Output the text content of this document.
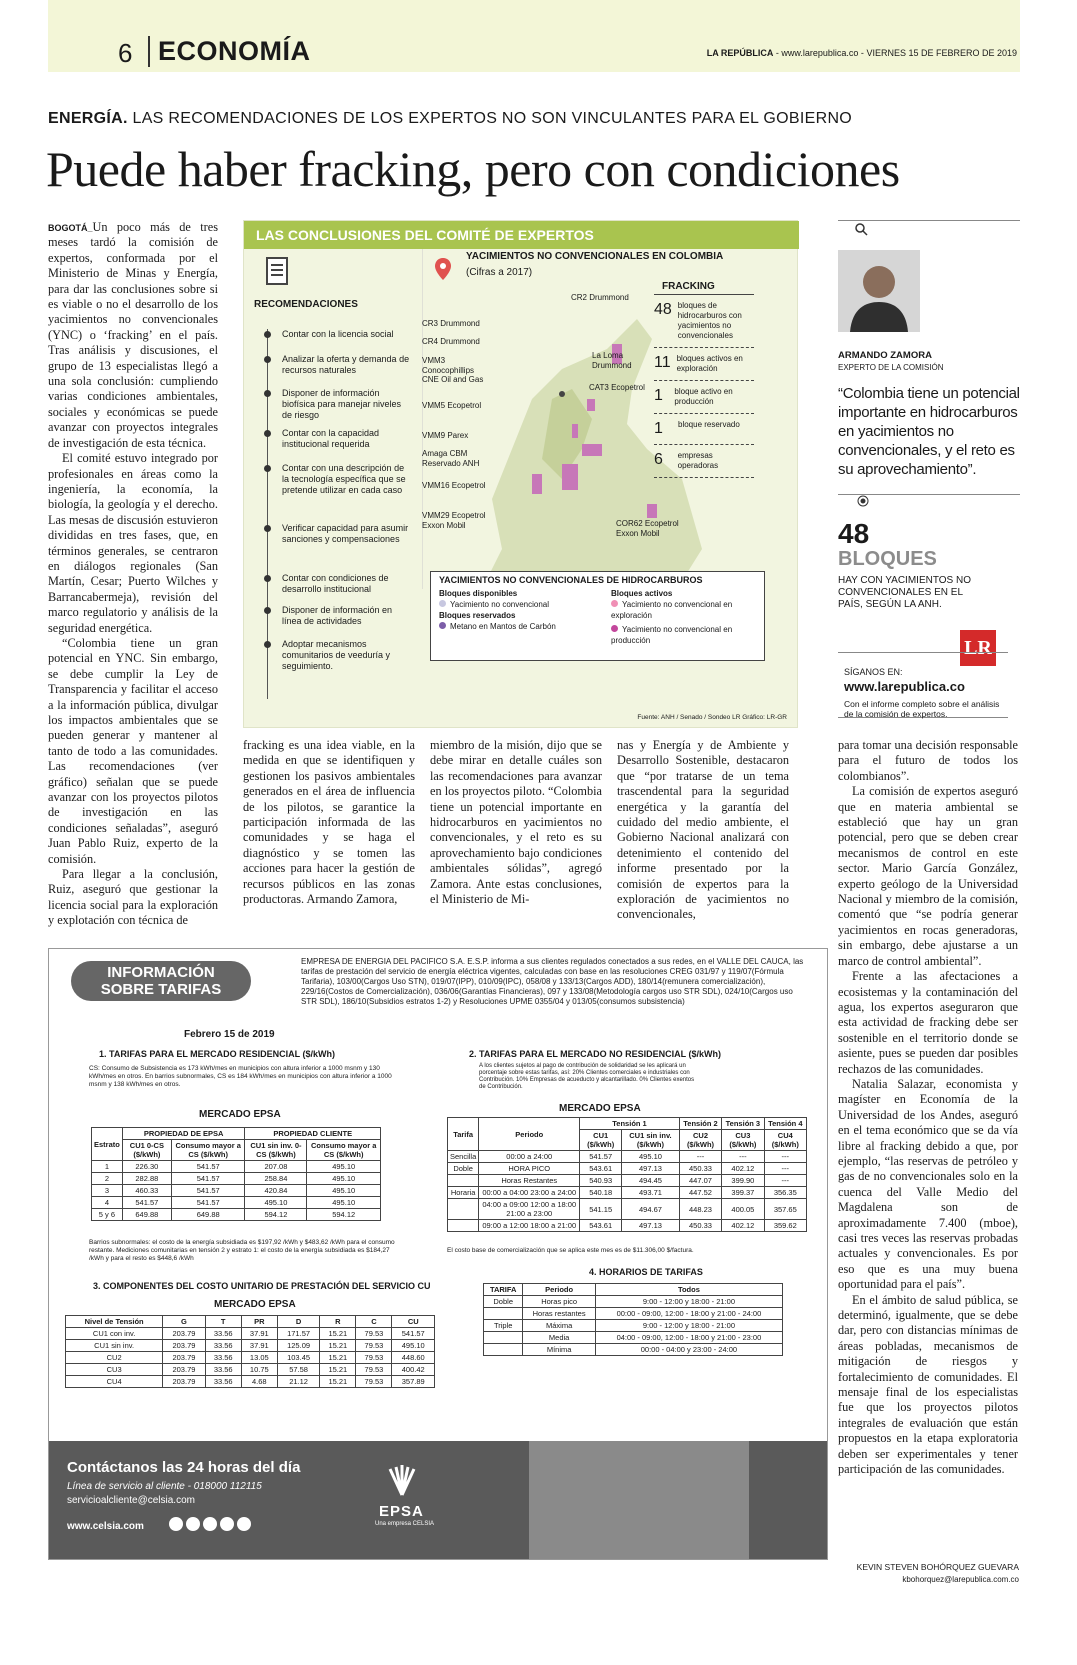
6 ECONOMÍA	LA REPÚBLICA - www.larepublica.co - VIERNES 15 DE FEBRERO DE 2019
ENERGÍA. LAS RECOMENDACIONES DE LOS EXPERTOS NO SON VINCULANTES PARA EL GOBIERNO
Puede haber fracking, pero con condiciones

BOGOTÁ_Un poco más de tres meses tardó la comisión de expertos, conformada por el Ministerio de Minas y Energía, para dar las conclusiones sobre si es viable o no el desarrollo de los yacimientos no convencionales (YNC) o ‘fracking’ en el país. Tras análisis y discusiones, el grupo de 13 especialistas llegó a una sola conclusión: cumpliendo varias condiciones ambientales, sociales y económicas se puede avanzar con proyectos integrales de investigación de esta técnica.

El comité estuvo integrado por profesionales en áreas como la ingeniería, la economía, la biología, la geología y el derecho. Las mesas de discusión estuvieron divididas en tres fases, que, en términos generales, se centraron en diálogos regionales (San Martín, Cesar; Puerto Wilches y Barrancabermeja), revisión del marco regulatorio y análisis de la seguridad energética.

“Colombia tiene un gran potencial en YNC. Sin embargo, se debe cumplir la Ley de Transparencia y facilitar el acceso a la información pública, divulgar los impactos ambientales que se pueden generar y mantener al tanto de todo a las comunidades. Las recomendaciones (ver gráfico) señalan que se puede avanzar con los proyectos pilotos de investigación en las condiciones señaladas”, aseguró Juan Pablo Ruiz, experto de la comisión.

Para llegar a la conclusión, Ruiz, aseguró que gestionar la licencia social para la exploración y explotación con técnica de

LAS CONCLUSIONES DEL COMITÉ DE EXPERTOS
RECOMENDACIONES
Contar con la licencia social
Analizar la oferta y demanda de recursos naturales
Disponer de información biofísica para manejar niveles de riesgo
Contar con la capacidad institucional requerida
Contar con una descripción de la tecnología específica que se pretende utilizar en cada caso
Verificar capacidad para asumir sanciones y compensaciones
Contar con condiciones de desarrollo institucional
Disponer de información en línea de actividades
Adoptar mecanismos comunitarios de veeduría y seguimiento.
YACIMIENTOS NO CONVENCIONALES EN COLOMBIA
(Cifras a 2017)
CR2 Drummond
CR3 Drummond
CR4 Drummond
VMM3 Conocophillips CNE Oil and Gas
La Loma Drummond
CAT3 Ecopetrol
VMM5 Ecopetrol
VMM9 Parex
Amaga CBM Reservado ANH
VMM16 Ecopetrol
VMM29 Ecopetrol Exxon Mobil	COR62 Ecopetrol Exxon Mobil
FRACKING
48 bloques de hidrocarburos con yacimientos no convencionales
11 bloques activos en exploración
1	bloque activo en producción
1	bloque reservado
6	empresas operadoras
YACIMIENTOS NO CONVENCIONALES DE HIDROCARBUROS
Bloques disponibles
Yacimiento no convencional
Bloques reservados
Metano en Mantos de Carbón
Bloques activos
Yacimiento no convencional en exploración
Yacimiento no convencional en producción
Fuente: ANH / Senado / Sondeo LR Gráfico: LR-GR
fracking es una idea viable, en la medida en que se identifiquen y gestionen los pasivos ambientales generados en el área de influencia de los pilotos, se garantice la participación informada de las comunidades y se haga el diagnóstico y se tomen las acciones para hacer la gestión de recursos públicos en las zonas productoras. Armando Zamora,
miembro de la misión, dijo que se debe mirar en detalle cuáles son las recomendaciones para avanzar en los proyectos piloto. “Colombia tiene un potencial importante en hidrocarburos en yacimientos no convencionales, y el reto es su aprovechamiento bajo condiciones ambientales sólidas”, agregó Zamora. Ante estas conclusiones, el Ministerio de Mi-
nas y Energía y de Ambiente y Desarrollo Sostenible, destacaron que “por tratarse de un tema trascendental para la seguridad energética y la garantía del cuidado del medio ambiente, el Gobierno Nacional analizará con detenimiento el contenido del informe presentado por la comisión de expertos para la exploración de yacimientos no convencionales,
ARMANDO ZAMORA
EXPERTO DE LA COMISIÓN
“Colombia tiene un potencial importante en hidrocarburos en yacimientos no convencionales, y el reto es su aprovechamiento”.
48
BLOQUES
HAY CON YACIMIENTOS NO CONVENCIONALES EN EL PAÍS, SEGÚN LA ANH.
LR
SÍGANOS EN:
www.larepublica.co
Con el informe completo sobre el análisis de la comisión de expertos.

para tomar una decisión responsable para el futuro de todos los colombianos”.

La comisión de expertos aseguró que en materia ambiental se estableció que hay un gran potencial, pero que se deben crear mecanismos de control en este sector. Mario García González, experto geólogo de la Universidad Nacional y miembro de la comisión, comentó que “se podría generar yacimientos en rocas generadoras, sin embargo, debe ajustarse a un marco de control ambiental”.

Frente a las afectaciones a ecosistemas y la contaminación del agua, los expertos aseguraron que esta actividad de fracking debe ser sostenible en el territorio donde se asiente, pues se pueden dar posibles rechazos de las comunidades.

Natalia Salazar, economista y magíster en Economía de la Universidad de los Andes, aseguró en el tema económico que se da vía libre al fracking debido a que, por ejemplo, “las reservas de petróleo y gas de no convencionales solo en la cuenca del Valle Medio del Magdalena son de aproximadamente 7.400 (mboe), casi tres veces las reservas probadas actuales y convencionales. Es por eso que es una muy buena oportunidad para el país”.

En el ámbito de salud pública, se determinó, igualmente, que se debe dar, pero con distancias mínimas de áreas pobladas, mecanismos de mitigación de riesgos y fortalecimiento de comunidades. El mensaje final de los especialistas fue que los proyectos pilotos integrales de evaluación que están propuestos en la etapa exploratoria deben ser experimentales y tener participación de las comunidades.

KEVIN STEVEN BOHÓRQUEZ GUEVARA
kbohorquez@larepublica.com.co
INFORMACIÓN
SOBRE TARIFAS
EMPRESA DE ENERGIA DEL PACIFICO S.A. E.S.P. informa a sus clientes regulados conectados a sus redes, en el VALLE DEL CAUCA, las tarifas de prestación del servicio de energía eléctrica vigentes, calculadas con base en las resoluciones CREG 031/97 y 119/07(Fórmula Tarifaria), 103/00(Cargos Uso STN), 019/07(IPP), 010/09(IPC), 058/08 y 133/13(Cargos ADD), 180/14(remunera comercialización), 229/16(Costos de Comercialización), 036/06(Garantías Financieras), 097 y 133/08(Metodología cargos uso STR SDL), 024/10(Cargos uso STR SDL), 186/10(Subsidios estratos 1-2) y Resoluciones UPME 0355/04 y 013/05(consumos subsistencia)
Febrero 15 de 2019
1. TARIFAS PARA EL MERCADO RESIDENCIAL ($/kWh)
CS: Consumo de Subsistencia es 173 kWh/mes en municipios con altura inferior a 1000 msnm y 130 kWh/mes en otros. En barrios subnormales, CS es 184 kWh/mes en municipios con altura inferior a 1000 msnm y 138 kWh/mes en otros.
MERCADO EPSA
Estrato	PROPIEDAD DE EPSA		PROPIEDAD CLIENTE	
	CU1 0-CS ($/kWh)	Consumo mayor a CS ($/kWh)	CU1 sin inv. 0-CS ($/kWh)	Consumo mayor a CS ($/kWh)
1	226.30	541.57	207.08	495.10
2	282.88	541.57	258.84	495.10
3	460.33	541.57	420.84	495.10
4	541.57	541.57	495.10	495.10
5 y 6	649.88	649.88	594.12	594.12
Barrios subnormales: el costo de la energía subsidiada es $197,92 /kWh y $483,62 /kWh para el consumo restante. Mediciones comunitarias en tensión 2 y estrato 1: el costo de la energía subsidiada es $184,27 /kWh y para el resto es $448,6 /kWh
2. TARIFAS PARA EL MERCADO NO RESIDENCIAL ($/kWh)
A los clientes sujetos al pago de contribución de solidaridad se les aplicará un porcentaje sobre estas tarifas, así: 20% Clientes comerciales e industriales con Contribución. 10% Empresas de acueducto y alcantarillado. 0% Clientes exentos de Contribución.
MERCADO EPSA
Tarifa	Periodo	Tensión 1		Tensión 2	Tensión 3	Tensión 4
		CU1 ($/kWh)	CU1 sin inv. ($/kWh)	CU2 ($/kWh)	CU3 ($/kWh)	CU4 ($/kWh)
Sencilla	00:00 a 24:00	541.57	495.10	---	---	---
Doble	HORA PICO	543.61	497.13	450.33	402.12	---
	Horas Restantes	540.93	494.45	447.07	399.90	---
Horaria	00:00 a 04:00 23:00 a 24:00	540.18	493.71	447.52	399.37	356.35
	04:00 a 09:00 12:00 a 18:00 21:00 a 23:00	541.15	494.67	448.23	400.05	357.65
	09:00 a 12:00 18:00 a 21:00	543.61	497.13	450.33	402.12	359.62
El costo base de comercialización que se aplica este mes es de $11.306,00 $/factura.
3. COMPONENTES DEL COSTO UNITARIO DE PRESTACIÓN DEL SERVICIO CU
MERCADO EPSA
Nivel de Tensión	G	T	PR	D	R	C	CU
CU1 con inv.	203.79	33.56	37.91	171.57	15.21	79.53	541.57
CU1 sin inv.	203.79	33.56	37.91	125.09	15.21	79.53	495.10
CU2	203.79	33.56	13.05	103.45	15.21	79.53	448.60
CU3	203.79	33.56	10.75	57.58	15.21	79.53	400.42
CU4	203.79	33.56	4.68	21.12	15.21	79.53	357.89
4. HORARIOS DE TARIFAS
TARIFA	Periodo	Todos
Doble	Horas pico	9:00 - 12:00 y 18:00 - 21:00
	Horas restantes	00:00 - 09:00, 12:00 - 18:00 y 21:00 - 24:00
Triple	Máxima	9:00 - 12:00 y 18:00 - 21:00
	Media	04:00 - 09:00, 12:00 - 18:00 y 21:00 - 23:00
	Mínima	00:00 - 04:00 y 23:00 - 24:00
Contáctanos las 24 horas del día
Línea de servicio al cliente - 018000 112115
servicioalcliente@celsia.com
www.celsia.com
EPSA
Una empresa CELSIA
